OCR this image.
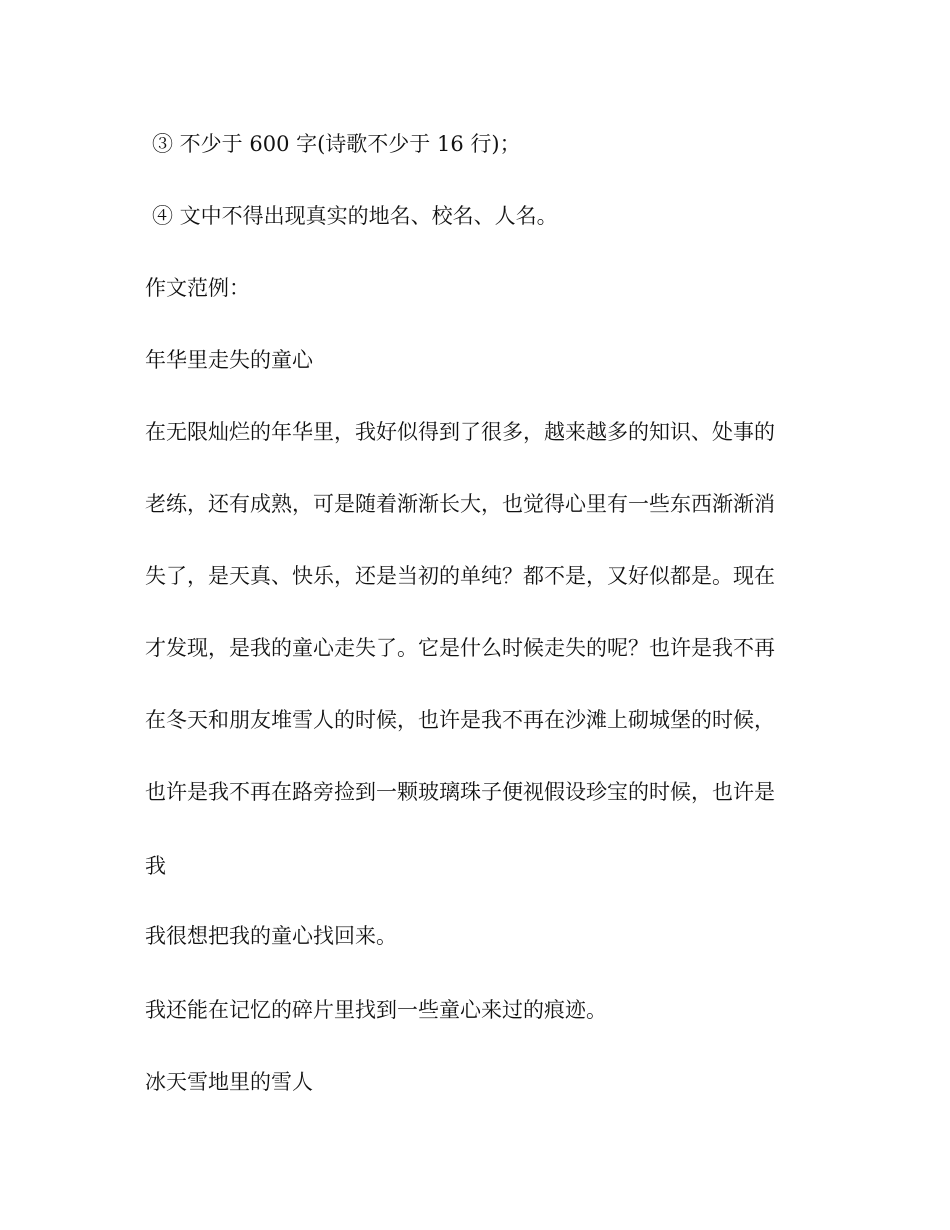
③ 不少于 600 字(诗歌不少于 16 行)；
④ 文中不得出现真实的地名、校名、人名。
作文范例：
年华里走失的童心
在无限灿烂的年华里，我好似得到了很多，越来越多的知识、处事的
老练，还有成熟，可是随着渐渐长大，也觉得心里有一些东西渐渐消
失了，是天真、快乐，还是当初的单纯？都不是，又好似都是。现在
才发现，是我的童心走失了。它是什么时候走失的呢？也许是我不再
在冬天和朋友堆雪人的时候，也许是我不再在沙滩上砌城堡的时候，
也许是我不再在路旁捡到一颗玻璃珠子便视假设珍宝的时候，也许是
我
我很想把我的童心找回来。
我还能在记忆的碎片里找到一些童心来过的痕迹。
冰天雪地里的雪人
